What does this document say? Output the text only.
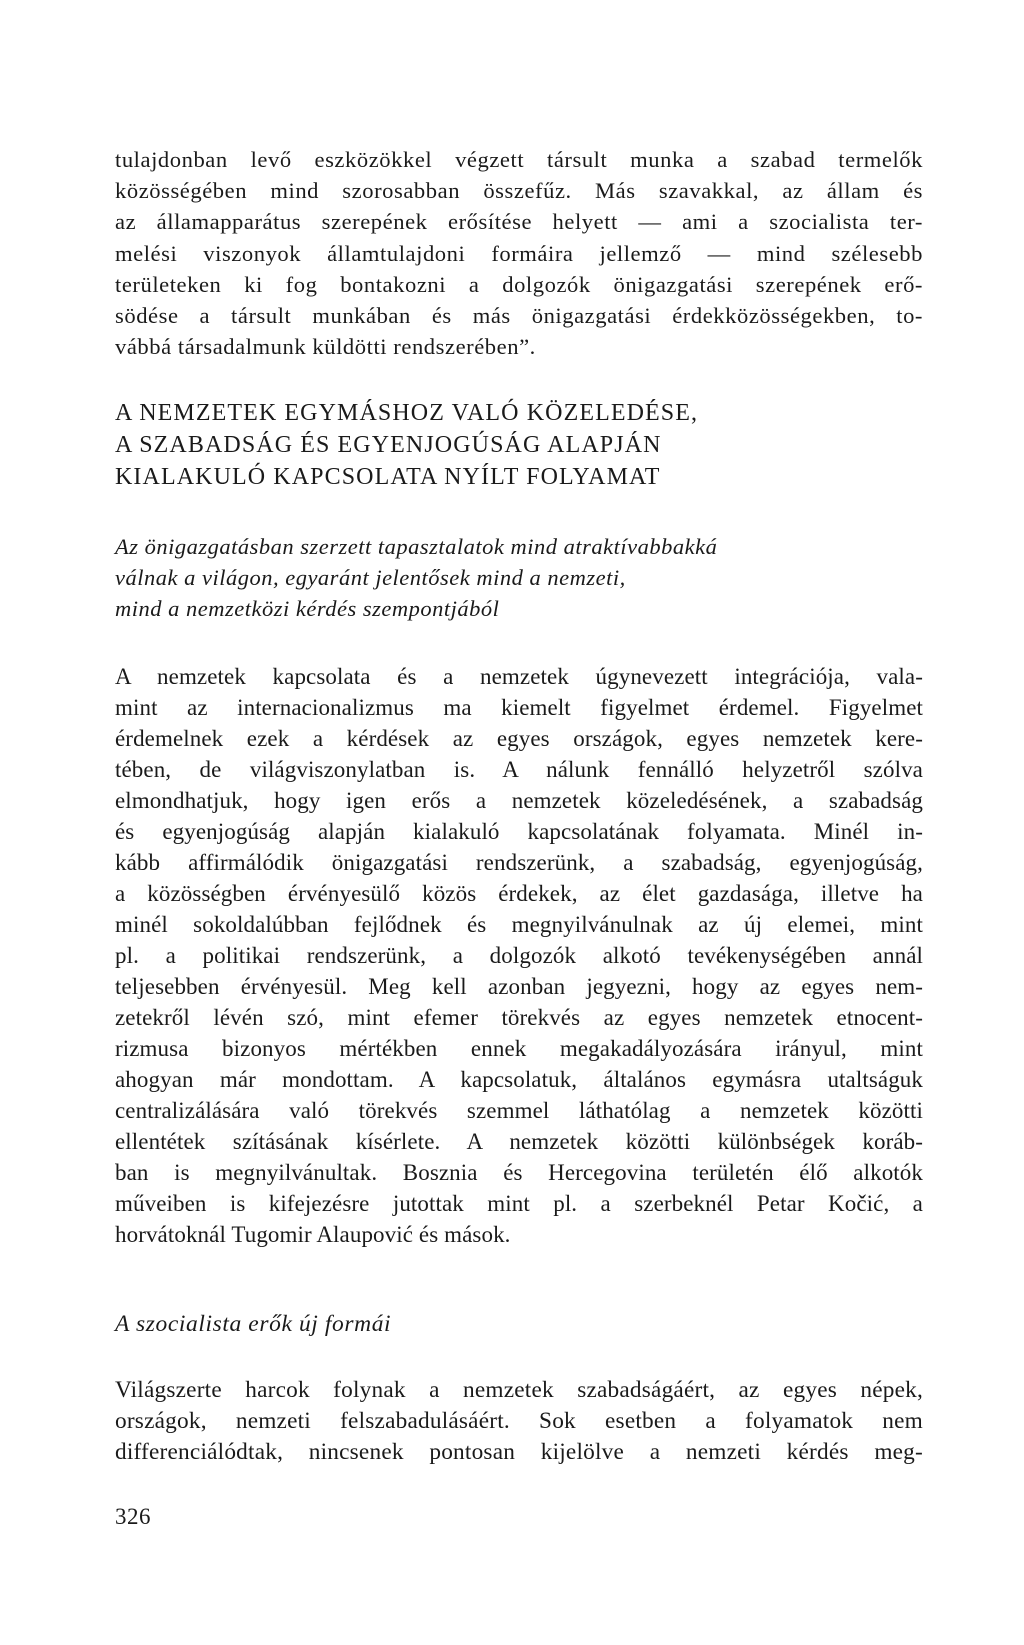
tulajdonban levő eszközökkel végzett társult munka a szabad termelők
közösségében mind szorosabban összefűz. Más szavakkal, az állam és
az államapparátus szerepének erősítése helyett — ami a szocialista ter-
melési viszonyok államtulajdoni formáira jellemző — mind szélesebb
területeken ki fog bontakozni a dolgozók önigazgatási szerepének erő-
södése a társult munkában és más önigazgatási érdekközösségekben, to-
vábbá társadalmunk küldötti rendszerében”.
A NEMZETEK EGYMÁSHOZ VALÓ KÖZELEDÉSE,
A SZABADSÁG ÉS EGYENJOGÚSÁG ALAPJÁN
KIALAKULÓ KAPCSOLATA NYÍLT FOLYAMAT

Az önigazgatásban szerzett tapasztalatok mind atraktívabbakká
válnak a világon, egyaránt jelentősek mind a nemzeti,
mind a nemzetközi kérdés szempontjából

A nemzetek kapcsolata és a nemzetek úgynevezett integrációja, vala-
mint az internacionalizmus ma kiemelt figyelmet érdemel. Figyelmet
érdemelnek ezek a kérdések az egyes országok, egyes nemzetek kere-
tében, de világviszonylatban is. A nálunk fennálló helyzetről szólva
elmondhatjuk, hogy igen erős a nemzetek közeledésének, a szabadság
és egyenjogúság alapján kialakuló kapcsolatának folyamata. Minél in-
kább affirmálódik önigazgatási rendszerünk, a szabadság, egyenjogúság,
a közösségben érvényesülő közös érdekek, az élet gazdasága, illetve ha
minél sokoldalúbban fejlődnek és megnyilvánulnak az új elemei, mint
pl. a politikai rendszerünk, a dolgozók alkotó tevékenységében annál
teljesebben érvényesül. Meg kell azonban jegyezni, hogy az egyes nem-
zetekről lévén szó, mint efemer törekvés az egyes nemzetek etnocent-
rizmusa bizonyos mértékben ennek megakadályozására irányul, mint
ahogyan már mondottam. A kapcsolatuk, általános egymásra utaltságuk
centralizálására való törekvés szemmel láthatólag a nemzetek közötti
ellentétek szításának kísérlete. A nemzetek közötti különbségek koráb-
ban is megnyilvánultak. Bosznia és Hercegovina területén élő alkotók
műveiben is kifejezésre jutottak mint pl. a szerbeknél Petar Kočić, a
horvátoknál Tugomir Alaupović és mások.
A szocialista erők új formái
Világszerte harcok folynak a nemzetek szabadságáért, az egyes népek,
országok, nemzeti felszabadulásáért. Sok esetben a folyamatok nem
differenciálódtak, nincsenek pontosan kijelölve a nemzeti kérdés meg-
326
